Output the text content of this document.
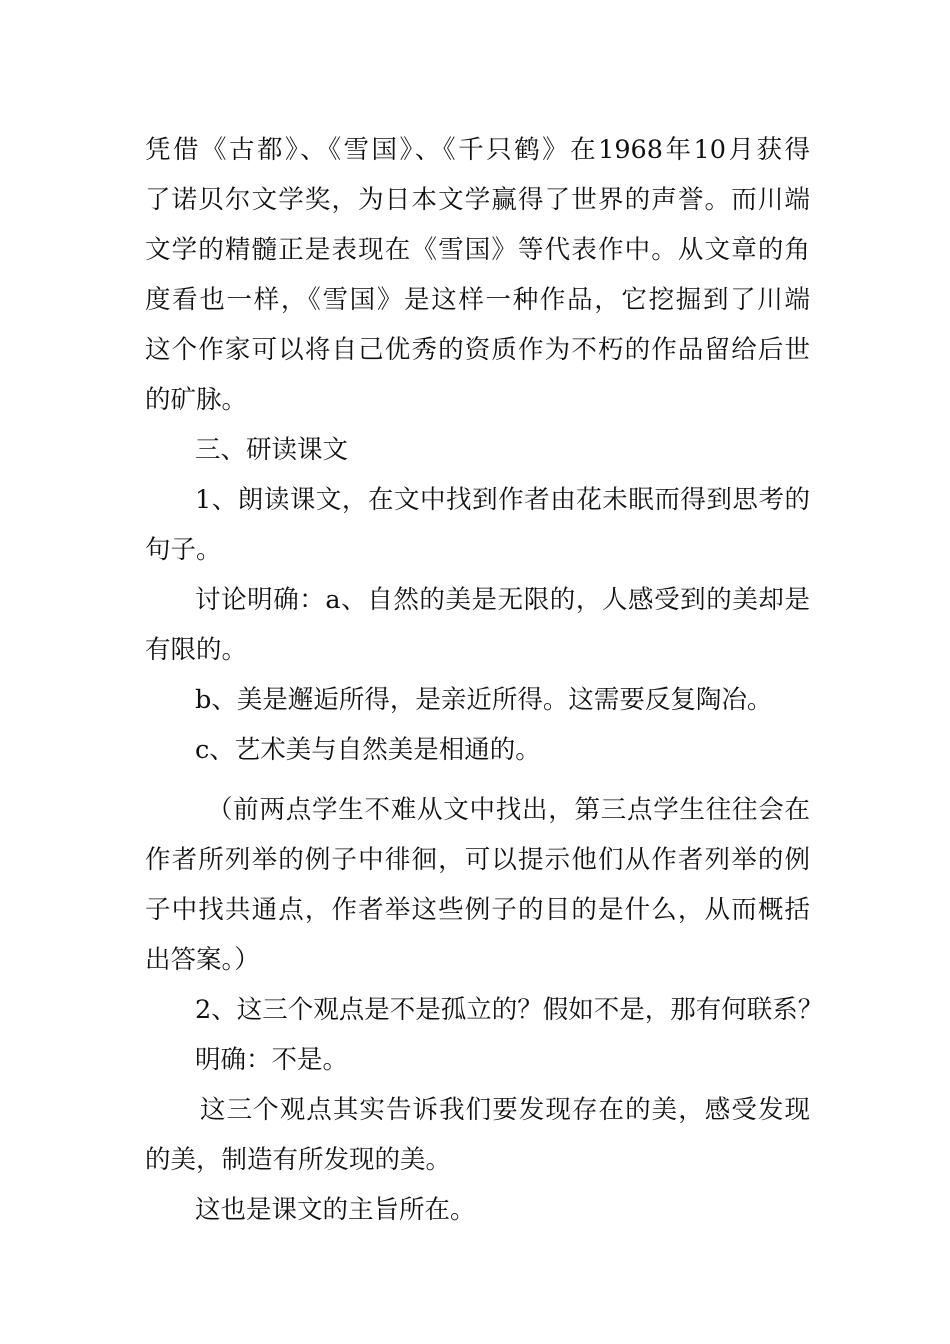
凭借《古都》、《雪国》、《千只鹤》在1968年10月获得
了诺贝尔文学奖，为日本文学赢得了世界的声誉。而川端
文学的精髓正是表现在《雪国》等代表作中。从文章的角
度看也一样，《雪国》是这样一种作品，它挖掘到了川端
这个作家可以将自己优秀的资质作为不朽的作品留给后世
的矿脉。
三、研读课文
1、朗读课文，在文中找到作者由花未眠而得到思考的
句子。
讨论明确：a、自然的美是无限的，人感受到的美却是
有限的。
b、美是邂逅所得，是亲近所得。这需要反复陶冶。
c、艺术美与自然美是相通的。
（前两点学生不难从文中找出，第三点学生往往会在
作者所列举的例子中徘徊，可以提示他们从作者列举的例
子中找共通点，作者举这些例子的目的是什么，从而概括
出答案。）
2、这三个观点是不是孤立的？假如不是，那有何联系？
明确：不是。
这三个观点其实告诉我们要发现存在的美，感受发现
的美，制造有所发现的美。
这也是课文的主旨所在。
